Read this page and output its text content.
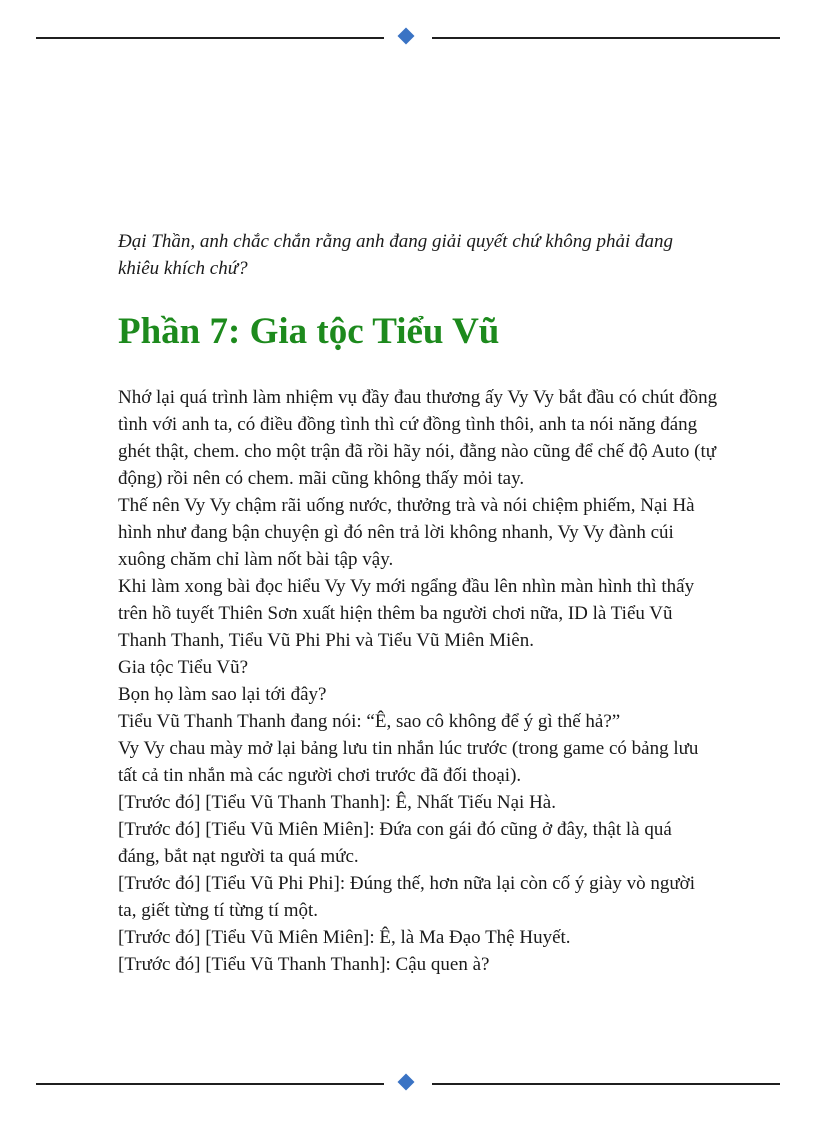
Đại Thần, anh chắc chắn rằng anh đang giải quyết chứ không phải đang khiêu khích chứ?

Phần 7: Gia tộc Tiểu Vũ

Nhớ lại quá trình làm nhiệm vụ đầy đau thương ấy Vy Vy bắt đầu có chút đồng tình với anh ta, có điều đồng tình thì cứ đồng tình thôi, anh ta nói năng đáng ghét thật, chem. cho một trận đã rồi hãy nói, đằng nào cũng để chế độ Auto (tự động) rồi nên có chem. mãi cũng không thấy mỏi tay.

Thế nên Vy Vy chậm rãi uống nước, thưởng trà và nói chiệm phiếm, Nại Hà hình như đang bận chuyện gì đó nên trả lời không nhanh, Vy Vy đành cúi xuông chăm chỉ làm nốt bài tập vậy.

Khi làm xong bài đọc hiểu Vy Vy mới ngẩng đầu lên nhìn màn hình thì thấy trên hồ tuyết Thiên Sơn xuất hiện thêm ba người chơi nữa, ID là Tiểu Vũ Thanh Thanh, Tiểu Vũ Phi Phi và Tiểu Vũ Miên Miên.

Gia tộc Tiểu Vũ?

Bọn họ làm sao lại tới đây?

Tiểu Vũ Thanh Thanh đang nói: “Ê, sao cô không để ý gì thế hả?”

Vy Vy chau mày mở lại bảng lưu tin nhắn lúc trước (trong game có bảng lưu tất cả tin nhắn mà các người chơi trước đã đối thoại).

[Trước đó] [Tiểu Vũ Thanh Thanh]: Ê, Nhất Tiếu Nại Hà.

[Trước đó] [Tiểu Vũ Miên Miên]: Đứa con gái đó cũng ở đây, thật là quá đáng, bắt nạt người ta quá mức.

[Trước đó] [Tiểu Vũ Phi Phi]: Đúng thế, hơn nữa lại còn cố ý giày vò người ta, giết từng tí từng tí một.

[Trước đó] [Tiểu Vũ Miên Miên]: Ê, là Ma Đạo Thệ Huyết.

[Trước đó] [Tiểu Vũ Thanh Thanh]: Cậu quen à?
